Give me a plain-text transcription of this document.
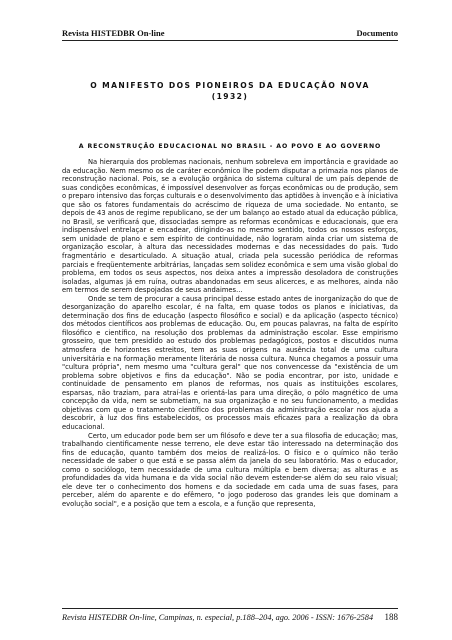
Revista HISTEDBR On-line	Documento
O MANIFESTO DOS PIONEIROS DA EDUCAÇÃO NOVA
(1932)
A RECONSTRUÇÃO EDUCACIONAL NO BRASIL - AO POVO E AO GOVERNO

Na hierarquia dos problemas nacionais, nenhum sobreleva em importância e gravidade ao da educação. Nem mesmo os de caráter econômico lhe podem disputar a primazia nos planos de reconstrução nacional. Pois, se a evolução orgânica do sistema cultural de um país depende de suas condições econômicas, é impossível desenvolver as forças econômicas ou de produção, sem o preparo intensivo das forças culturais e o desenvolvimento das aptidões à invenção e à iniciativa que são os fatores fundamentais do acréscimo de riqueza de uma sociedade. No entanto, se depois de 43 anos de regime republicano, se der um balanço ao estado atual da educação pública, no Brasil, se verificará que, dissociadas sempre as reformas econômicas e educacionais, que era indispensável entrelaçar e encadear, dirigindo-as no mesmo sentido, todos os nossos esforços, sem unidade de plano e sem espírito de continuidade, não lograram ainda criar um sistema de organização escolar, à altura das necessidades modernas e das necessidades do país. Tudo fragmentário e desarticulado. A situação atual, criada pela sucessão periódica de reformas parciais e freqüentemente arbitrárias, lançadas sem solidez econômica e sem uma visão global do problema, em todos os seus aspectos, nos deixa antes a impressão desoladora de construções isoladas, algumas já em ruína, outras abandonadas em seus alicerces, e as melhores, ainda não em termos de serem despojadas de seus andaimes...

Onde se tem de procurar a causa principal desse estado antes de inorganização do que de desorganização do aparelho escolar, é na falta, em quase todos os planos e iniciativas, da determinação dos fins de educação (aspecto filosófico e social) e da aplicação (aspecto técnico) dos métodos científicos aos problemas de educação. Ou, em poucas palavras, na falta de espírito filosófico e científico, na resolução dos problemas da administração escolar. Esse empirismo grosseiro, que tem presidido ao estudo dos problemas pedagógicos, postos e discutidos numa atmosfera de horizontes estreitos, tem as suas origens na ausência total de uma cultura universitária e na formação meramente literária de nossa cultura. Nunca chegamos a possuir uma "cultura própria", nem mesmo uma "cultura geral" que nos convencesse da "existência de um problema sobre objetivos e fins da educação". Não se podia encontrar, por isto, unidade e continuidade de pensamento em planos de reformas, nos quais as instituições escolares, esparsas, não traziam, para atraí-las e orientá-las para uma direção, o pólo magnético de uma concepção da vida, nem se submetiam, na sua organização e no seu funcionamento, a medidas objetivas com que o tratamento científico dos problemas da administração escolar nos ajuda a descobrir, à luz dos fins estabelecidos, os processos mais eficazes para a realização da obra educacional.

Certo, um educador pode bem ser um filósofo e deve ter a sua filosofia de educação; mas, trabalhando cientificamente nesse terreno, ele deve estar tão interessado na determinação dos fins de educação, quanto também dos meios de realizá-los. O físico e o químico não terão necessidade de saber o que está e se passa além da janela do seu laboratório. Mas o educador, como o sociólogo, tem necessidade de uma cultura múltipla e bem diversa; as alturas e as profundidades da vida humana e da vida social não devem estender-se além do seu raio visual; ele deve ter o conhecimento dos homens e da sociedade em cada uma de suas fases, para perceber, além do aparente e do efêmero, "o jogo poderoso das grandes leis que dominam a evolução social", e a posição que tem a escola, e a função que representa,

Revista HISTEDBR On-line, Campinas, n. especial, p.188–204, ago. 2006 - ISSN: 1676-2584 188
